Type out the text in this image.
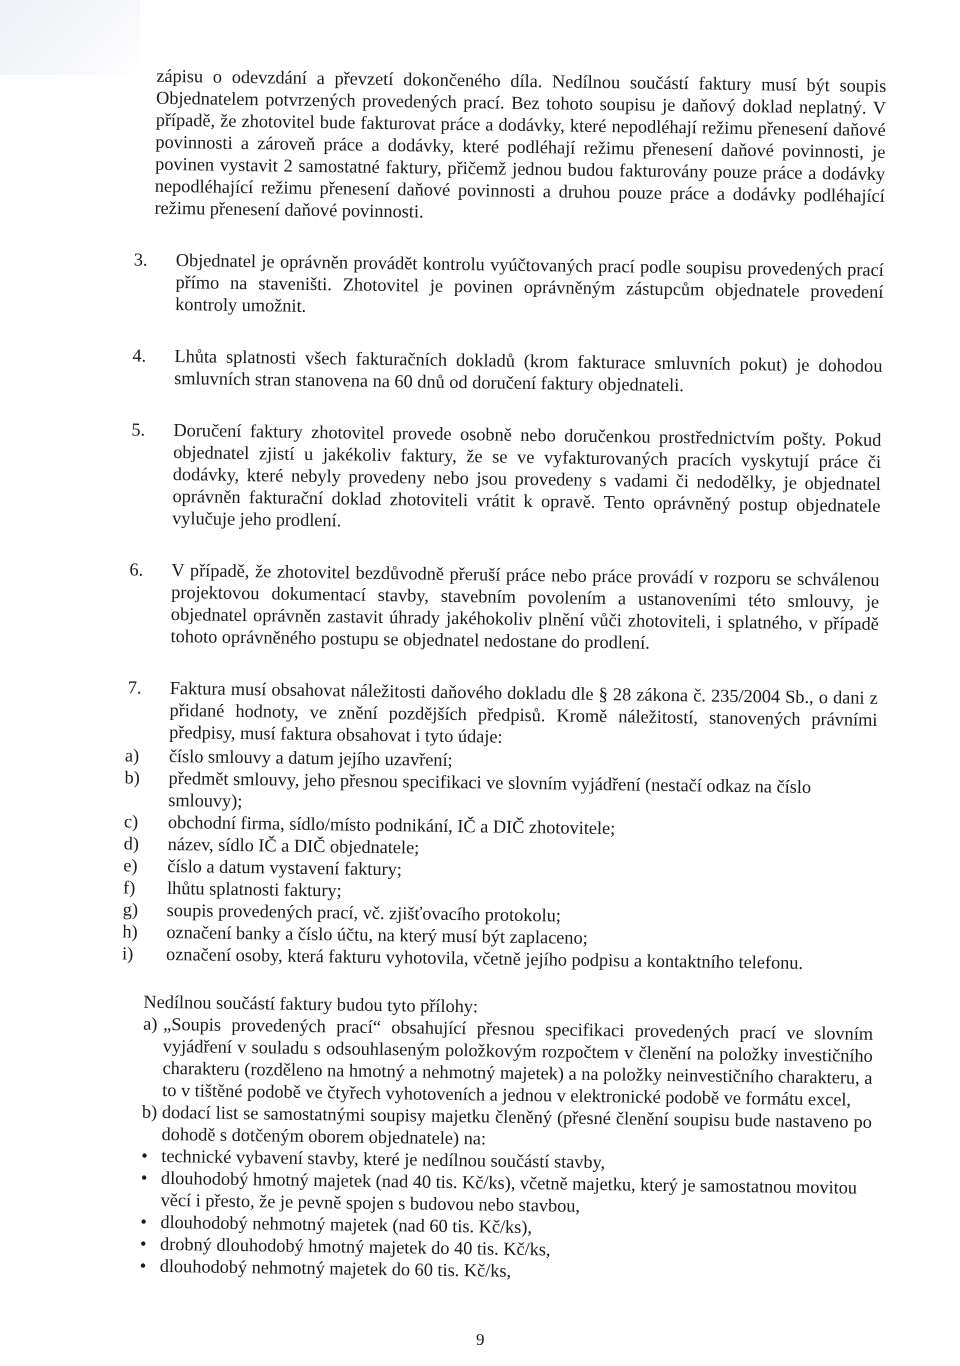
zápisu o odevzdání a převzetí dokončeného díla. Nedílnou součástí faktury musí být soupis Objednatelem potvrzených provedených prací. Bez tohoto soupisu je daňový doklad neplatný. V případě, že zhotovitel bude fakturovat práce a dodávky, které nepodléhají režimu přenesení daňové povinnosti a zároveň práce a dodávky, které podléhají režimu přenesení daňové povinnosti, je povinen vystavit 2 samostatné faktury, přičemž jednou budou fakturovány pouze práce a dodávky nepodléhající režimu přenesení daňové povinnosti a druhou pouze práce a dodávky podléhající režimu přenesení daňové povinnosti.

3. Objednatel je oprávněn provádět kontrolu vyúčtovaných prací podle soupisu provedených prací přímo na staveništi. Zhotovitel je povinen oprávněným zástupcům objednatele provedení kontroly umožnit.
4. Lhůta splatnosti všech fakturačních dokladů (krom fakturace smluvních pokut) je dohodou smluvních stran stanovena na 60 dnů od doručení faktury objednateli.
5. Doručení faktury zhotovitel provede osobně nebo doručenkou prostřednictvím pošty. Pokud objednatel zjistí u jakékoliv faktury, že se ve vyfakturovaných pracích vyskytují práce či dodávky, které nebyly provedeny nebo jsou provedeny s vadami či nedodělky, je objednatel oprávněn fakturační doklad zhotoviteli vrátit k opravě. Tento oprávněný postup objednatele vylučuje jeho prodlení.
6. V případě, že zhotovitel bezdůvodně přeruší práce nebo práce provádí v rozporu se schválenou projektovou dokumentací stavby, stavebním povolením a ustanoveními této smlouvy, je objednatel oprávněn zastavit úhrady jakéhokoliv plnění vůči zhotoviteli, i splatného, v případě tohoto oprávněného postupu se objednatel nedostane do prodlení.
7. Faktura musí obsahovat náležitosti daňového dokladu dle § 28 zákona č. 235/2004 Sb., o dani z přidané hodnoty, ve znění pozdějších předpisů. Kromě náležitostí, stanovených právními předpisy, musí faktura obsahovat i tyto údaje:

a) číslo smlouvy a datum jejího uzavření;

b) předmět smlouvy, jeho přesnou specifikaci ve slovním vyjádření (nestačí odkaz na číslo smlouvy);

c) obchodní firma, sídlo/místo podnikání, IČ a DIČ zhotovitele;

d) název, sídlo IČ a DIČ objednatele;

e) číslo a datum vystavení faktury;

f) lhůtu splatnosti faktury;

g) soupis provedených prací, vč. zjišťovacího protokolu;

h) označení banky a číslo účtu, na který musí být zaplaceno;

i) označení osoby, která fakturu vyhotovila, včetně jejího podpisu a kontaktního telefonu.

Nedílnou součástí faktury budou tyto přílohy:

a) „Soupis provedených prací“ obsahující přesnou specifikaci provedených prací ve slovním vyjádření v souladu s odsouhlaseným položkovým rozpočtem v členění na položky investičního charakteru (rozděleno na hmotný a nehmotný majetek) a na položky neinvestičního charakteru, a to v tištěné podobě ve čtyřech vyhotoveních a jednou v elektronické podobě ve formátu excel,

b) dodací list se samostatnými soupisy majetku členěný (přesné členění soupisu bude nastaveno po dohodě s dotčeným oborem objednatele) na:

• technické vybavení stavby, které je nedílnou součástí stavby,
• dlouhodobý hmotný majetek (nad 40 tis. Kč/ks), včetně majetku, který je samostatnou movitou věcí i přesto, že je pevně spojen s budovou nebo stavbou,
• dlouhodobý nehmotný majetek (nad 60 tis. Kč/ks),
• drobný dlouhodobý hmotný majetek do 40 tis. Kč/ks,
• dlouhodobý nehmotný majetek do 60 tis. Kč/ks,
9
